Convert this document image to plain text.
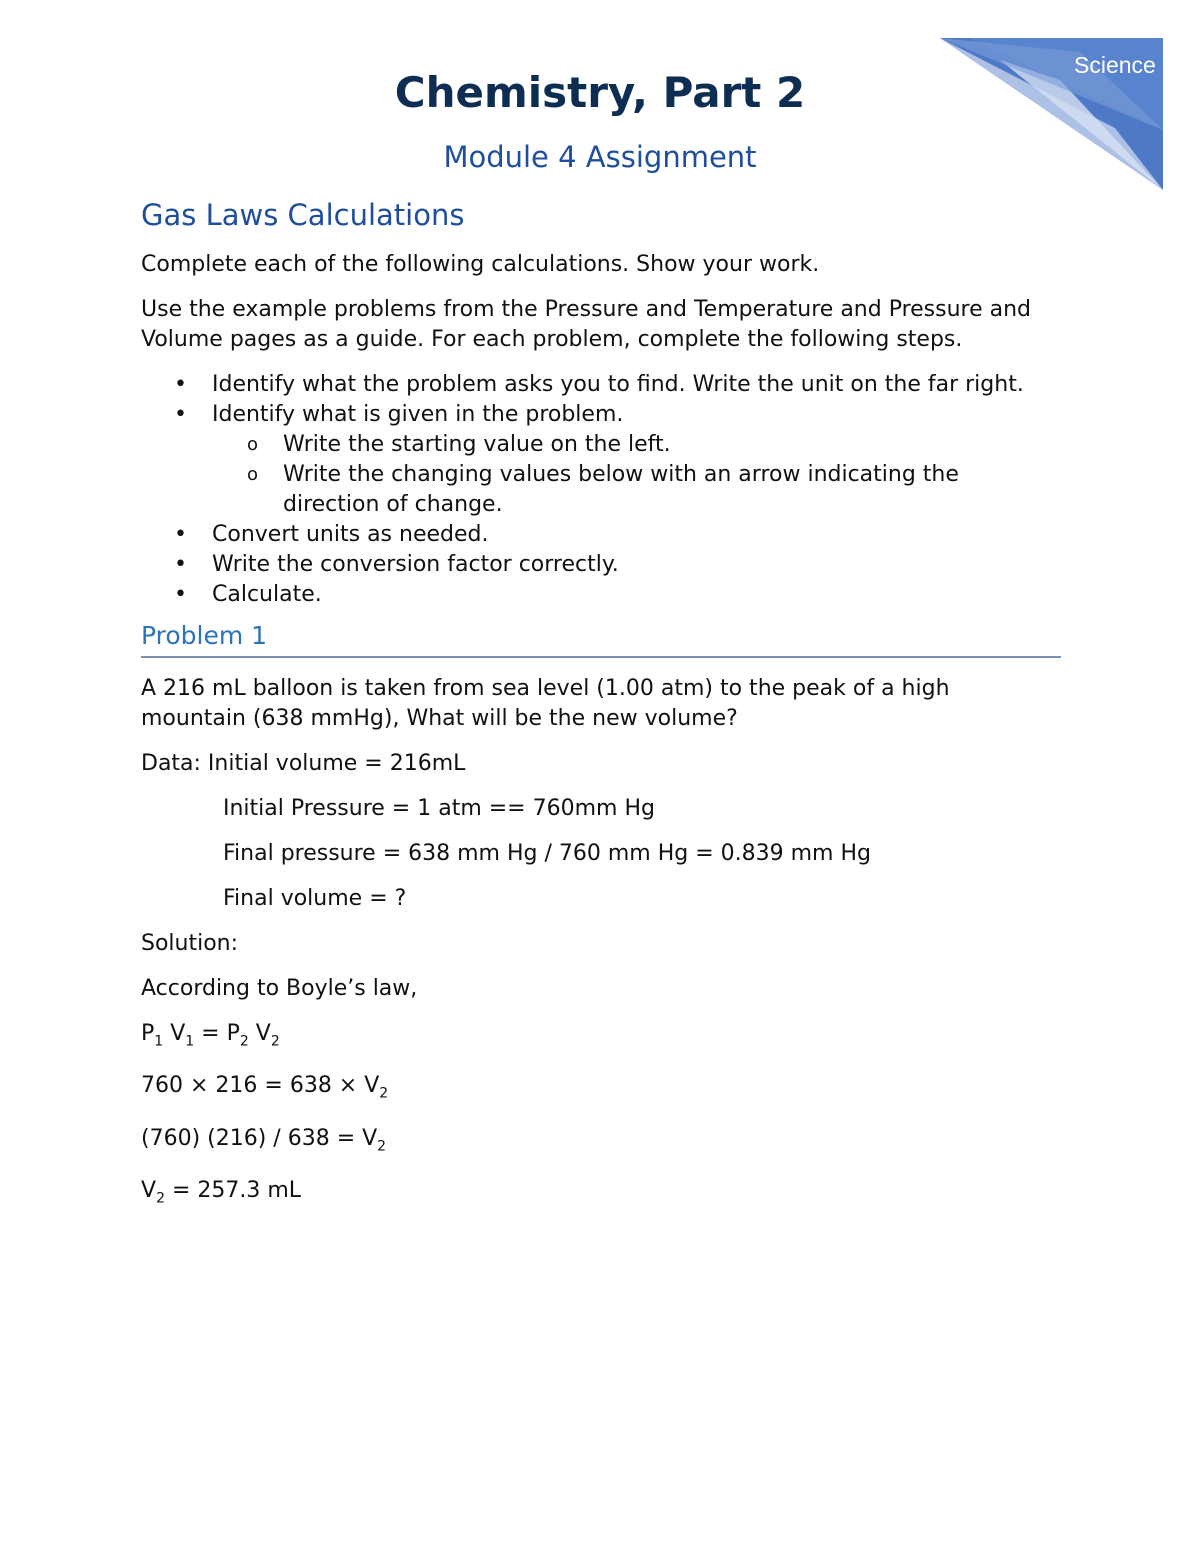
Science
Chemistry, Part 2
Module 4 Assignment
Gas Laws Calculations

Complete each of the following calculations. Show your work.

Use the example problems from the Pressure and Temperature and Pressure and Volume pages as a guide. For each problem, complete the following steps.

• Identify what the problem asks you to find. Write the unit on the far right.
• Identify what is given in the problem.
o Write the starting value on the left.
o Write the changing values below with an arrow indicating the direction of change.
• Convert units as needed.
• Write the conversion factor correctly.
• Calculate.
Problem 1

A 216 mL balloon is taken from sea level (1.00 atm) to the peak of a high mountain (638 mmHg), What will be the new volume?

Data: Initial volume = 216mL

Initial Pressure = 1 atm == 760mm Hg

Final pressure = 638 mm Hg / 760 mm Hg = 0.839 mm Hg

Final volume = ?

Solution:

According to Boyle’s law,

$P_1$ $V_1 = P_2$ $V_2$

$760 \times 216 = 638 \times V_2$

(760) $(216) / 638 = V_2$

$V_2 = 257.3$ mL
